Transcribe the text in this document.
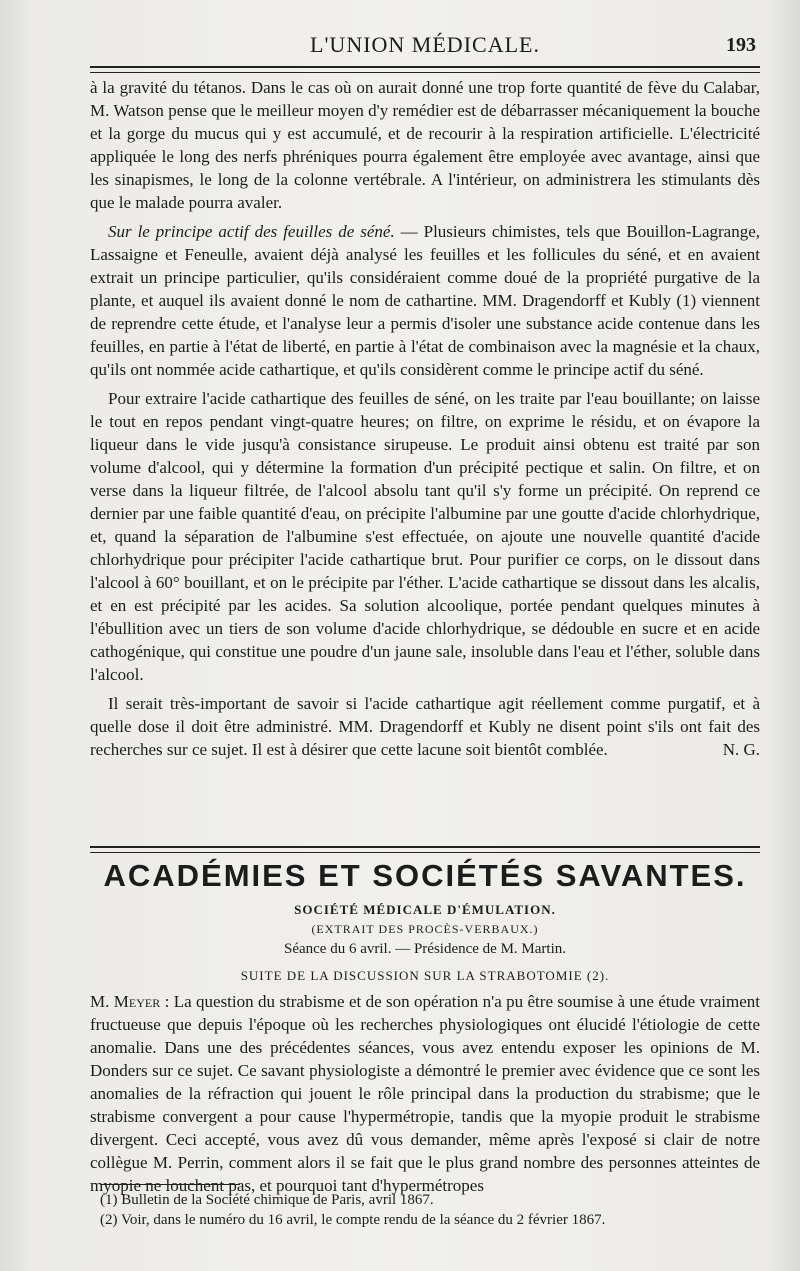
L'UNION MÉDICALE.	193

à la gravité du tétanos. Dans le cas où on aurait donné une trop forte quantité de fève du Calabar, M. Watson pense que le meilleur moyen d'y remédier est de débarrasser mécaniquement la bouche et la gorge du mucus qui y est accumulé, et de recourir à la respiration artificielle. L'électricité appliquée le long des nerfs phréniques pourra également être employée avec avantage, ainsi que les sinapismes, le long de la colonne vertébrale. A l'intérieur, on administrera les stimulants dès que le malade pourra avaler.

Sur le principe actif des feuilles de séné. — Plusieurs chimistes, tels que Bouillon-Lagrange, Lassaigne et Feneulle, avaient déjà analysé les feuilles et les follicules du séné, et en avaient extrait un principe particulier, qu'ils considéraient comme doué de la propriété purgative de la plante, et auquel ils avaient donné le nom de cathartine. MM. Dragendorff et Kubly (1) viennent de reprendre cette étude, et l'analyse leur a permis d'isoler une substance acide contenue dans les feuilles, en partie à l'état de liberté, en partie à l'état de combinaison avec la magnésie et la chaux, qu'ils ont nommée acide cathartique, et qu'ils considèrent comme le principe actif du séné.

Pour extraire l'acide cathartique des feuilles de séné, on les traite par l'eau bouillante; on laisse le tout en repos pendant vingt-quatre heures; on filtre, on exprime le résidu, et on évapore la liqueur dans le vide jusqu'à consistance sirupeuse. Le produit ainsi obtenu est traité par son volume d'alcool, qui y détermine la formation d'un précipité pectique et salin. On filtre, et on verse dans la liqueur filtrée, de l'alcool absolu tant qu'il s'y forme un précipité. On reprend ce dernier par une faible quantité d'eau, on précipite l'albumine par une goutte d'acide chlorhydrique, et, quand la séparation de l'albumine s'est effectuée, on ajoute une nouvelle quantité d'acide chlorhydrique pour précipiter l'acide cathartique brut. Pour purifier ce corps, on le dissout dans l'alcool à 60° bouillant, et on le précipite par l'éther. L'acide cathartique se dissout dans les alcalis, et en est précipité par les acides. Sa solution alcoolique, portée pendant quelques minutes à l'ébullition avec un tiers de son volume d'acide chlorhydrique, se dédouble en sucre et en acide cathogénique, qui constitue une poudre d'un jaune sale, insoluble dans l'eau et l'éther, soluble dans l'alcool.

Il serait très-important de savoir si l'acide cathartique agit réellement comme purgatif, et à quelle dose il doit être administré. MM. Dragendorff et Kubly ne disent point s'ils ont fait des recherches sur ce sujet. Il est à désirer que cette lacune soit bientôt comblée.	N. G.

ACADÉMIES ET SOCIÉTÉS SAVANTES.
SOCIÉTÉ MÉDICALE D'ÉMULATION.
(EXTRAIT DES PROCÈS-VERBAUX.)
Séance du 6 avril. — Présidence de M. Martin.
SUITE DE LA DISCUSSION SUR LA STRABOTOMIE (2).

M. Meyer : La question du strabisme et de son opération n'a pu être soumise à une étude vraiment fructueuse que depuis l'époque où les recherches physiologiques ont élucidé l'étiologie de cette anomalie. Dans une des précédentes séances, vous avez entendu exposer les opinions de M. Donders sur ce sujet. Ce savant physiologiste a démontré le premier avec évidence que ce sont les anomalies de la réfraction qui jouent le rôle principal dans la production du strabisme; que le strabisme convergent a pour cause l'hypermétropie, tandis que la myopie produit le strabisme divergent. Ceci accepté, vous avez dû vous demander, même après l'exposé si clair de notre collègue M. Perrin, comment alors il se fait que le plus grand nombre des personnes atteintes de myopie ne louchent pas, et pourquoi tant d'hypermétropes

(1) Bulletin de la Société chimique de Paris, avril 1867.

(2) Voir, dans le numéro du 16 avril, le compte rendu de la séance du 2 février 1867.
